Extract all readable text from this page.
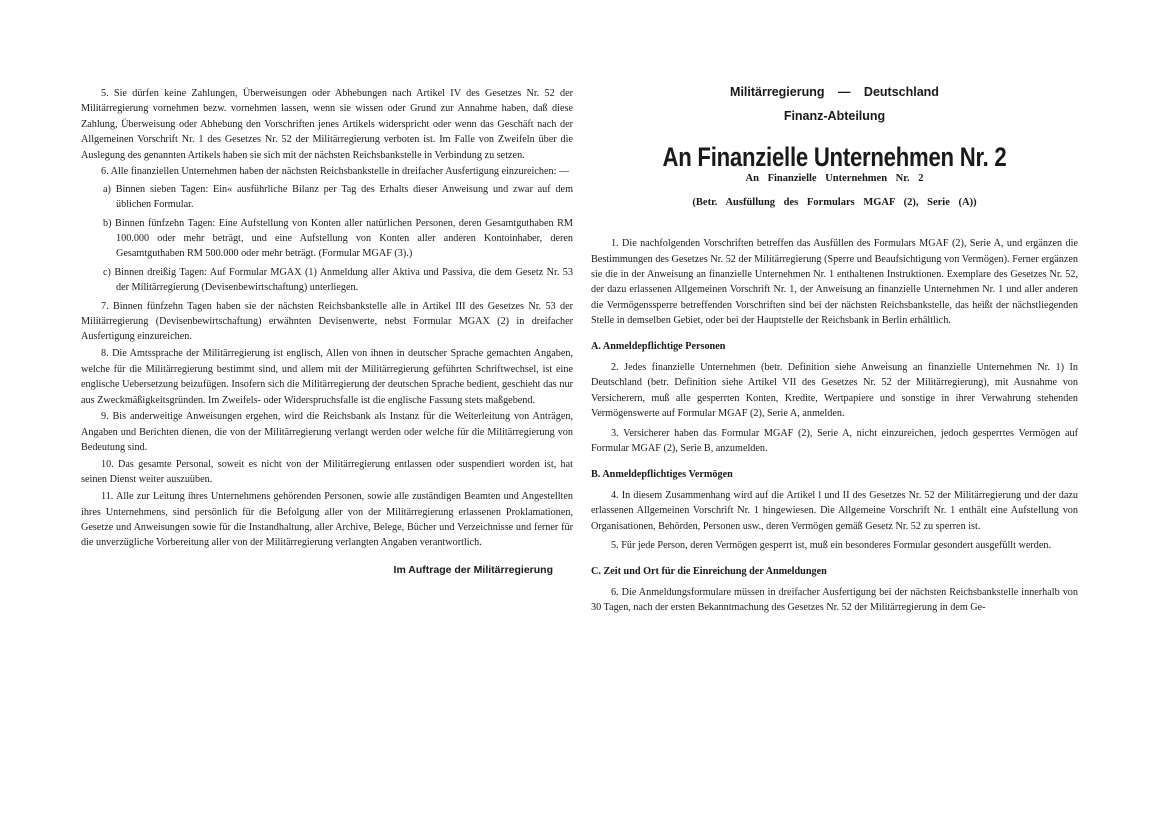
5. Sie dürfen keine Zahlungen, Überweisungen oder Abhebungen nach Artikel IV des Gesetzes Nr. 52 der Militärregierung vornehmen bezw. vornehmen lassen, wenn sie wissen oder Grund zur Annahme haben, daß diese Zahlung, Überweisung oder Abhebung den Vorschriften jenes Artikels widerspricht oder wenn das Geschäft nach der Allgemeinen Vorschrift Nr. 1 des Gesetzes Nr. 52 der Militärregierung verboten ist. Im Falle von Zweifeln über die Auslegung des genannten Artikels haben sie sich mit der nächsten Reichsbankstelle in Verbindung zu setzen.

6. Alle finanziellen Unternehmen haben der nächsten Reichsbankstelle in dreifacher Ausfertigung einzureichen: —

a) Binnen sieben Tagen: Ein« ausführliche Bilanz per Tag des Erhalts dieser Anweisung und zwar auf dem üblichen Formular.

b) Binnen fünfzehn Tagen: Eine Aufstellung von Konten aller natürlichen Personen, deren Gesamtguthaben RM 100.000 oder mehr beträgt, und eine Aufstellung von Konten aller anderen Kontoinhaber, deren Gesamtguthaben RM 500.000 oder mehr beträgt. (Formular MGAF (3).)

c) Binnen dreißig Tagen: Auf Formular MGAX (1) Anmeldung aller Aktiva und Passiva, die dem Gesetz Nr. 53 der Militärregierung (Devisenbewirtschaftung) unterliegen.

7. Binnen fünfzehn Tagen haben sie der nächsten Reichsbankstelle alle in Artikel III des Gesetzes Nr. 53 der Militärregierung (Devisenbewirtschaftung) erwähnten Devisenwerte, nebst Formular MGAX (2) in dreifacher Ausfertigung einzureichen.

8. Die Amtssprache der Militärregierung ist englisch, Allen von ihnen in deutscher Sprache gemachten Angaben, welche für die Militärregierung bestimmt sind, und allem mit der Militärregierung geführten Schriftwechsel, ist eine englische Uebersetzung beizufügen. Insofern sich die Militärregierung der deutschen Sprache bedient, geschieht das nur aus Zweckmäßigkeitsgründen. Im Zweifels- oder Widerspruchsfalle ist die englische Fassung stets maßgebend.

9. Bis anderweitige Anweisungen ergehen, wird die Reichsbank als Instanz für die Weiterleitung von Anträgen, Angaben und Berichten dienen, die von der Militärregierung verlangt werden oder welche für die Militärregierung von Bedeutung sind.

10. Das gesamte Personal, soweit es nicht von der Militärregierung entlassen oder suspendiert worden ist, hat seinen Dienst weiter auszuüben.

11. Alle zur Leitung ihres Unternehmens gehörenden Personen, sowie alle zuständigen Beamten und Angestellten ihres Unternehmens, sind persönlich für die Befolgung aller von der Militärregierung erlassenen Proklamationen, Gesetze und Anweisungen sowie für die Instandhaltung, aller Archive, Belege, Bücher und Verzeichnisse und ferner für die unverzügliche Vorbereitung aller von der Militärregierung verlangten Angaben verantwortlich.

Im Auftrage der Militärregierung
Militärregierung — Deutschland
Finanz-Abteilung
An Finanzielle Unternehmen Nr. 2
An Finanzielle Unternehmen Nr. 2
(Betr. Ausfüllung des Formulars MGAF (2), Serie (A))

1. Die nachfolgenden Vorschriften betreffen das Ausfüllen des Formulars MGAF (2), Serie A, und ergänzen die Bestimmungen des Gesetzes Nr. 52 der Militärregierung (Sperre und Beaufsichtigung von Vermögen). Ferner ergänzen sie die in der Anweisung an finanzielle Unternehmen Nr. 1 enthaltenen Instruktionen. Exemplare des Gesetzes Nr. 52, der dazu erlassenen Allgemeinen Vorschrift Nr. 1, der Anweisung an finanzielle Unternehmen Nr. 1 und aller anderen die Vermögenssperre betreffenden Vorschriften sind bei der nächsten Reichsbankstelle, das heißt der nächstliegenden Stelle in demselben Gebiet, oder bei der Hauptstelle der Reichsbank in Berlin erhältlich.

A. Anmeldepflichtige Personen

2. Jedes finanzielle Unternehmen (betr. Definition siehe Anweisung an finanzielle Unternehmen Nr. 1) In Deutschland (betr. Definition siehe Artikel VII des Gesetzes Nr. 52 der Militärregierung), mit Ausnahme von Versicherern, muß alle gesperrten Konten, Kredite, Wertpapiere und sonstige in ihrer Verwahrung stehenden Vermögenswerte auf Formular MGAF (2), Serie A, anmelden.

3. Versicherer haben das Formular MGAF (2), Serie A, nicht einzureichen, jedoch gesperrtes Vermögen auf Formular MGAF (2), Serie B, anzumelden.

B. Anmeldepflichtiges Vermögen

4. In diesem Zusammenhang wird auf die Artikel l und II des Gesetzes Nr. 52 der Militärregierung und der dazu erlassenen Allgemeinen Vorschrift Nr. 1 hingewiesen. Die Allgemeine Vorschrift Nr. 1 enthält eine Aufstellung von Organisationen, Behörden, Personen usw., deren Vermögen gemäß Gesetz Nr. 52 zu sperren ist.

5. Für jede Person, deren Vermögen gesperrt ist, muß ein besonderes Formular gesondert ausgefüllt werden.

C. Zeit und Ort für die Einreichung der Anmeldungen

6. Die Anmeldungsformulare müssen in dreifacher Ausfertigung bei der nächsten Reichsbankstelle innerhalb von 30 Tagen, nach der ersten Bekanntmachung des Gesetzes Nr. 52 der Militärregierung in dem Ge-
